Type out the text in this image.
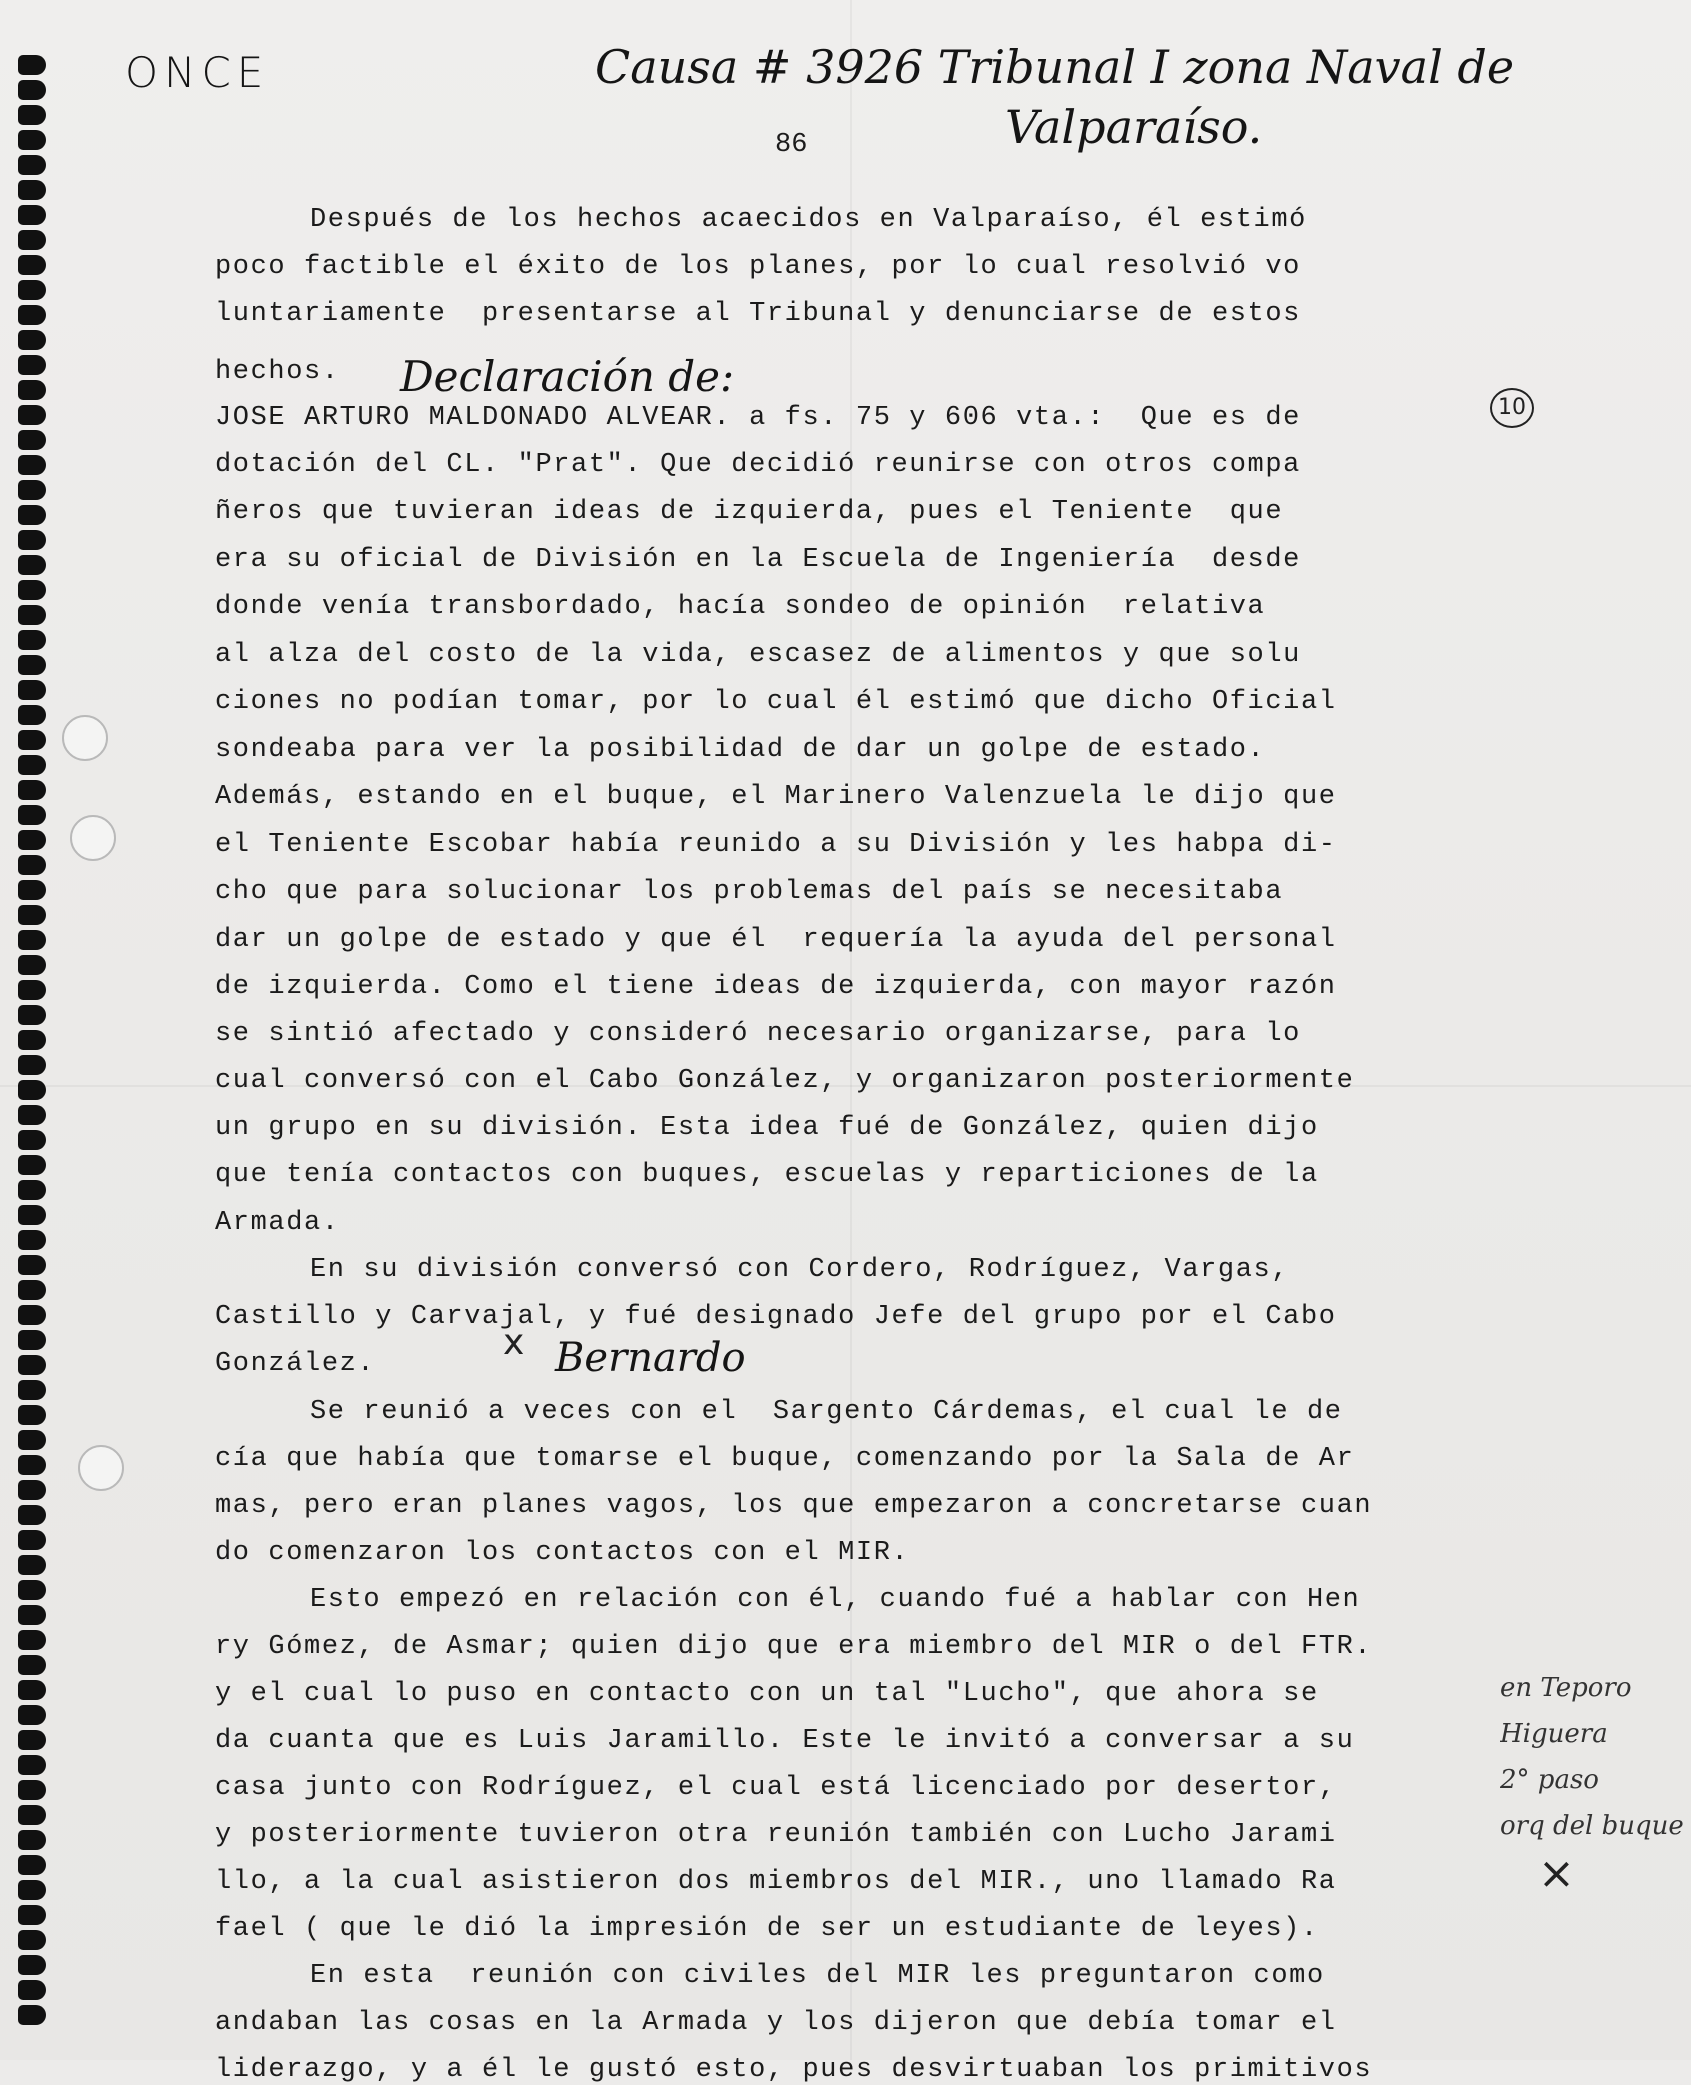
ONCE	Causa # 3926 Tribunal I zona Naval de
Valparaíso.
86
Declaración de:
10
x Bernardo
×
en Teporo
Higuera
2° paso
orq del buque
Después de los hechos acaecidos en Valparaíso, él estimó
poco factible el éxito de los planes, por lo cual resolvió vo
luntariamente  presentarse al Tribunal y denunciarse de estos
hechos.
JOSE ARTURO MALDONADO ALVEAR. a fs. 75 y 606 vta.:  Que es de
dotación del CL. "Prat". Que decidió reunirse con otros compa
ñeros que tuvieran ideas de izquierda, pues el Teniente  que
era su oficial de División en la Escuela de Ingeniería  desde
donde venía transbordado, hacía sondeo de opinión  relativa
al alza del costo de la vida, escasez de alimentos y que solu
ciones no podían tomar, por lo cual él estimó que dicho Oficial
sondeaba para ver la posibilidad de dar un golpe de estado.
Además, estando en el buque, el Marinero Valenzuela le dijo que
el Teniente Escobar había reunido a su División y les habpa di-
cho que para solucionar los problemas del país se necesitaba
dar un golpe de estado y que él  requería la ayuda del personal
de izquierda. Como el tiene ideas de izquierda, con mayor razón
se sintió afectado y consideró necesario organizarse, para lo
cual conversó con el Cabo González, y organizaron posteriormente
un grupo en su división. Esta idea fué de González, quien dijo
que tenía contactos con buques, escuelas y reparticiones de la
Armada.
En su división conversó con Cordero, Rodríguez, Vargas,
Castillo y Carvajal, y fué designado Jefe del grupo por el Cabo
González.
Se reunió a veces con el  Sargento Cárdemas, el cual le de
cía que había que tomarse el buque, comenzando por la Sala de Ar
mas, pero eran planes vagos, los que empezaron a concretarse cuan
do comenzaron los contactos con el MIR.
Esto empezó en relación con él, cuando fué a hablar con Hen
ry Gómez, de Asmar; quien dijo que era miembro del MIR o del FTR.
y el cual lo puso en contacto con un tal "Lucho", que ahora se
da cuanta que es Luis Jaramillo. Este le invitó a conversar a su
casa junto con Rodríguez, el cual está licenciado por desertor,
y posteriormente tuvieron otra reunión también con Lucho Jarami
llo, a la cual asistieron dos miembros del MIR., uno llamado Ra
fael ( que le dió la impresión de ser un estudiante de leyes).
En esta  reunión con civiles del MIR les preguntaron como
andaban las cosas en la Armada y los dijeron que debía tomar el
liderazgo, y a él le gustó esto, pues desvirtuaban los primitivos
